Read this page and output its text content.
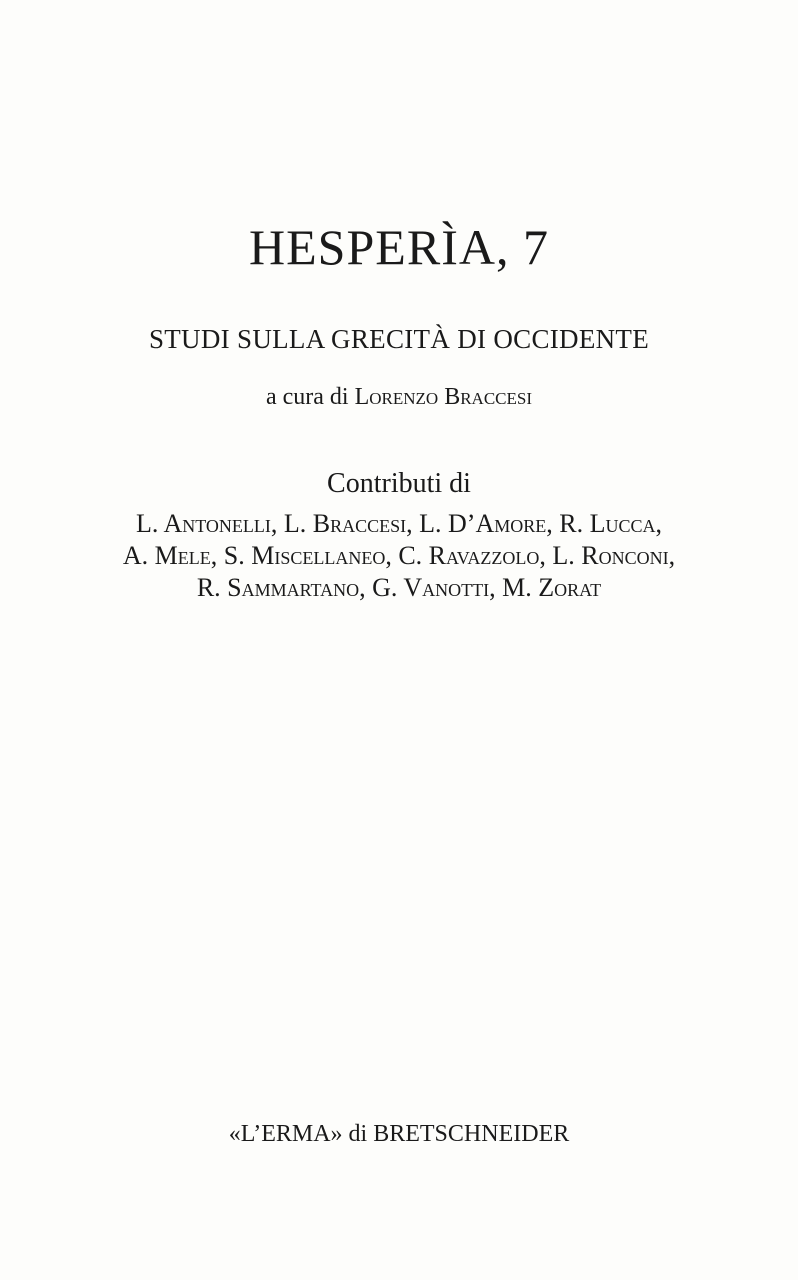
HESPERÌA, 7
STUDI SULLA GRECITÀ DI OCCIDENTE
a cura di Lorenzo Braccesi
Contributi di
L. Antonelli, L. Braccesi, L. D’Amore, R. Lucca,
A. Mele, S. Miscellaneo, C. Ravazzolo, L. Ronconi,
R. Sammartano, G. Vanotti, M. Zorat
«L’ERMA» di BRETSCHNEIDER
